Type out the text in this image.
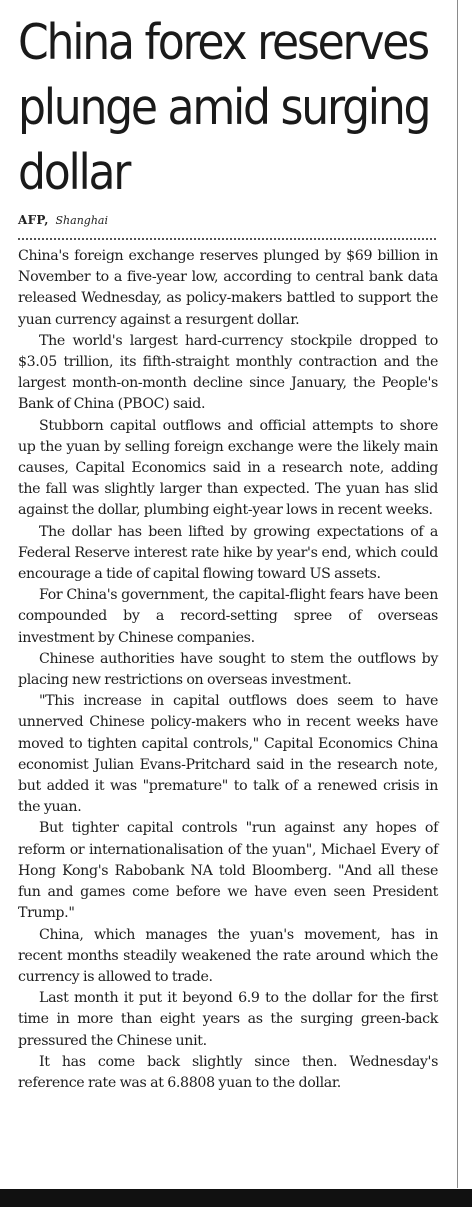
China forex reserves plunge amid surging dollar
AFP, Shanghai

China's foreign exchange reserves plunged by $69 billion in November to a five-year low, according to central bank data released Wednesday, as policy-makers battled to support the yuan currency against a resurgent dollar.

The world's largest hard-currency stockpile dropped to $3.05 trillion, its fifth-straight monthly contraction and the largest month-on-month decline since January, the People's Bank of China (PBOC) said.

Stubborn capital outflows and official attempts to shore up the yuan by selling foreign exchange were the likely main causes, Capital Economics said in a research note, adding the fall was slightly larger than expected. The yuan has slid against the dollar, plumbing eight-year lows in recent weeks.

The dollar has been lifted by growing expectations of a Federal Reserve interest rate hike by year's end, which could encourage a tide of capital flowing toward US assets.

For China's government, the capital-flight fears have been compounded by a record-setting spree of overseas investment by Chinese companies.

Chinese authorities have sought to stem the outflows by placing new restrictions on overseas investment.

"This increase in capital outflows does seem to have unnerved Chinese policy-makers who in recent weeks have moved to tighten capital controls," Capital Economics China economist Julian Evans-Pritchard said in the research note, but added it was "premature" to talk of a renewed crisis in the yuan.

But tighter capital controls "run against any hopes of reform or internationalisation of the yuan", Michael Every of Hong Kong's Rabobank NA told Bloomberg. "And all these fun and games come before we have even seen President Trump."

China, which manages the yuan's movement, has in recent months steadily weakened the rate around which the currency is allowed to trade.

Last month it put it beyond 6.9 to the dollar for the first time in more than eight years as the surging green-back pressured the Chinese unit.

It has come back slightly since then. Wednesday's reference rate was at 6.8808 yuan to the dollar.
